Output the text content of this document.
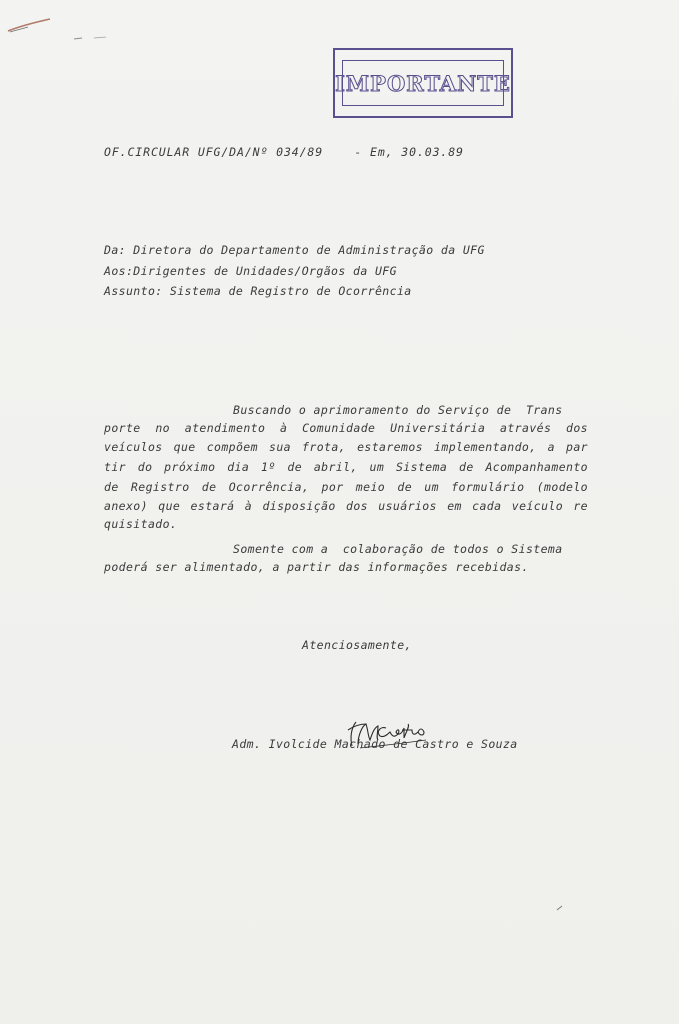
IMPORTANTE
OF.CIRCULAR UFG/DA/Nº 034/89    - Em, 30.03.89
Da: Diretora do Departamento de Administração da UFG
Aos:Dirigentes de Unidades/Orgãos da UFG
Assunto: Sistema de Registro de Ocorrência
Buscando o aprimoramento do Serviço de  Trans
porte no atendimento à Comunidade Universitária através dos
veículos que compõem sua frota, estaremos implementando, a par
tir do próximo dia 1º de abril, um Sistema de Acompanhamento
de Registro de Ocorrência, por meio de um formulário (modelo
anexo) que estará à disposição dos usuários em cada veículo re
quisitado.
Somente com a  colaboração de todos o Sistema
poderá ser alimentado, a partir das informações recebidas.
Atenciosamente,
Adm. Ivolcide Machado de Castro e Souza
